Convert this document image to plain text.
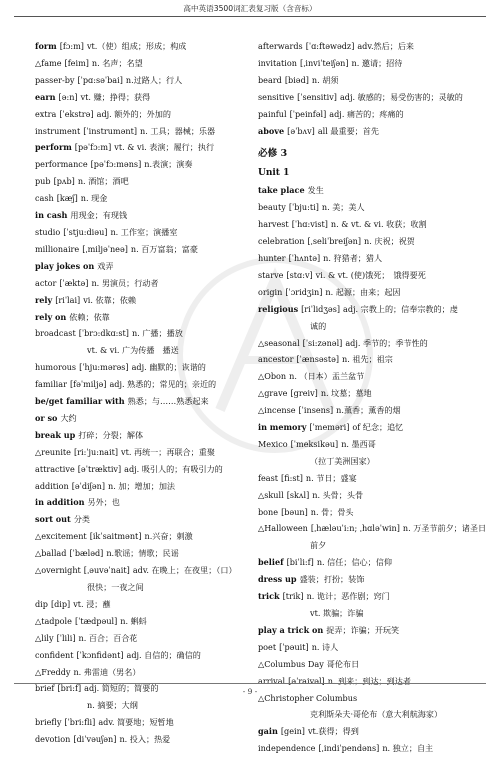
高中英语3500词汇表复习版（含音标）
form [fɔ:m] vt.（使）组成；形成；构成
△fame [feim] n. 名声；名望
passer-by [ˈpɑ:səˈbai] n.过路人；行人
earn [ə:n] vt. 赚；挣得；获得
extra [ˈekstrə] adj. 额外的；外加的
instrument [ˈinstrumənt] n. 工具；器械；乐器
perform [pəˈfɔ:m] vt. & vi. 表演；履行；执行
performance [pəˈfɔ:məns] n.表演；演奏
pub [pʌb] n. 酒馆；酒吧
cash [kæʃ] n. 现金
in cash 用现金；有现钱
studio [ˈstju:diəu] n. 工作室；演播室
millionaire [ˌmiljəˈneə] n. 百万富翁；富豪
play jokes on 戏弄
actor [ˈæktə] n. 男演员；行动者
rely [riˈlai] vi. 依靠；依赖
rely on 依赖；依靠
broadcast [ˈbrɔ:dkɑ:st] n. 广播；播放
vt. & vi. 广为传播　播送
humorous [ˈhju:mərəs] adj. 幽默的；诙谐的
familiar [fəˈmiljə] adj. 熟悉的；常见的；亲近的
be/get familiar with 熟悉；与……熟悉起来
or so 大约
break up 打碎；分裂；解体
△reunite [ri:ˈju:nait] vt. 再统一；再联合；重聚
attractive [əˈtræktiv] adj. 吸引人的；有吸引力的
addition [əˈdiʃən] n. 加；增加；加法
in addition 另外；也
sort out 分类
△excitement [ikˈsaitmənt] n.兴奋；刺激
△ballad [ˈbæləd] n.歌谣；情歌；民谣
△overnight [ˌəuvəˈnait] adv. 在晚上；在夜里；（口）
很快；一夜之间
dip [dip] vt. 浸；蘸
△tadpole [ˈtædpəul] n. 蝌蚪
△lily [ˈlili] n. 百合；百合花
confident [ˈkɔnfidənt] adj. 自信的；确信的
△Freddy n. 弗雷迪（男名）
brief [bri:f] adj. 简短的；简要的
n. 摘要；大纲
briefly [ˈbri:fli] adv. 简要地；短暂地
devotion [diˈvəuʃən] n. 投入；热爱
afterwards [ˈɑ:ftəwədz] adv.然后；后来
invitation [ˌinviˈteiʃən] n. 邀请；招待
beard [biəd] n. 胡须
sensitive [ˈsensitiv] adj. 敏感的；易受伤害的；灵敏的
painful [ˈpeinfəl] adj. 痛苦的；疼痛的
above [əˈbʌv] all 最重要；首先
必修 3
Unit 1
take place 发生
beauty [ˈbju:ti] n. 美；美人
harvest [ˈhɑ:vist] n. & vt. & vi. 收获；收割
celebration [ˌseliˈbreiʃən] n. 庆祝；祝贺
hunter [ˈhʌntə] n. 狩猎者；猎人
starve [stɑ:v] vi. & vt. (使)饿死；　饿得要死
origin [ˈɔridʒin] n. 起源；由来；起因
religious [riˈlidʒəs] adj. 宗教上的；信奉宗教的；虔
诚的
△seasonal [ˈsi:zənəl] adj. 季节的；季节性的
ancestor [ˈænsəstə] n. 祖先；祖宗
△Obon n. （日本）盂兰盆节
△grave [greiv] n. 坟墓；墓地
△incense [ˈinsens] n.薰香；薰香的烟
in memory [ˈmeməri] of 纪念；追忆
Mexico [ˈmeksikəu] n. 墨西哥
（拉丁美洲国家）
feast [fi:st] n. 节日；盛宴
△skull [skʌl] n. 头骨；头骨
bone [bəun] n. 骨；骨头
△Halloween [ˌhæləuˈi:n; ˌhɑləˈwin] n. 万圣节前夕；诸圣日
前夕
belief [biˈli:f] n. 信任；信心；信仰
dress up 盛装；打扮；装饰
trick [trik] n. 诡计；恶作剧；窍门
vt. 欺骗；诈骗
play a trick on 捉弄；诈骗；开玩笑
poet [ˈpəuit] n. 诗人
△Columbus Day 哥伦布日
arrival [əˈraivəl] n. 到来；到达；到达者
△Christopher Columbus
克利斯朵夫·哥伦布（意大利航海家）
gain [gein] vt.获得；得到
independence [ˌindiˈpendəns] n. 独立；自主
- 9 -
